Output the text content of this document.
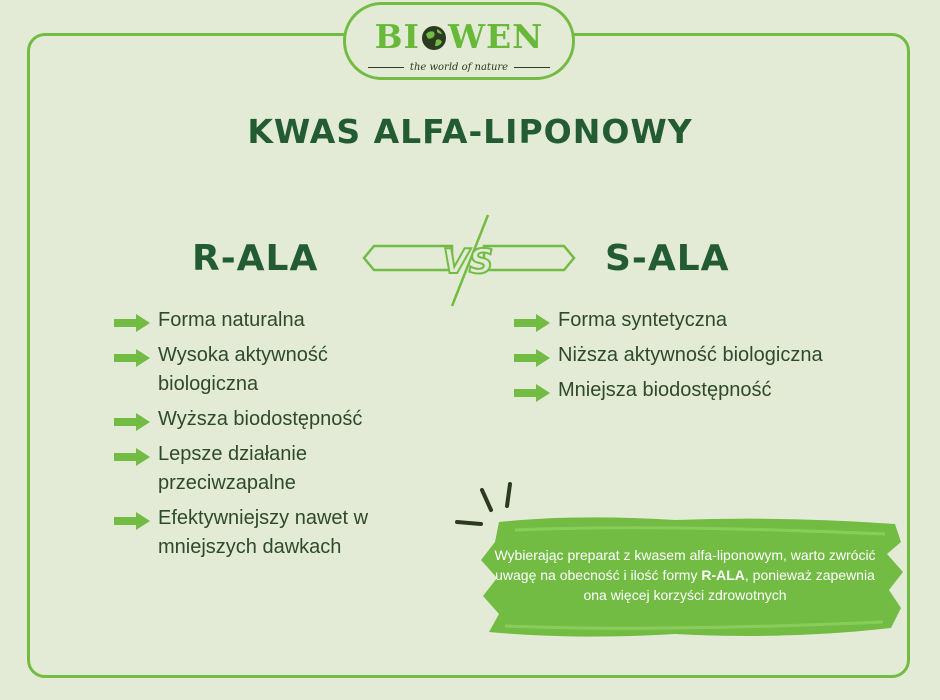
BI WEN
the world of nature
KWAS ALFA-LIPONOWY
R-ALA	S-ALA
VS
Forma naturalna
Wysoka aktywność biologiczna
Wyższa biodostępność
Lepsze działanie przeciwzapalne
Efektywniejszy nawet w mniejszych dawkach
Forma syntetyczna
Niższa aktywność biologiczna
Mniejsza biodostępność
Wybierając preparat z kwasem alfa-liponowym, warto zwrócić uwagę na obecność i ilość formy R-ALA, ponieważ zapewnia ona więcej korzyści zdrowotnych
